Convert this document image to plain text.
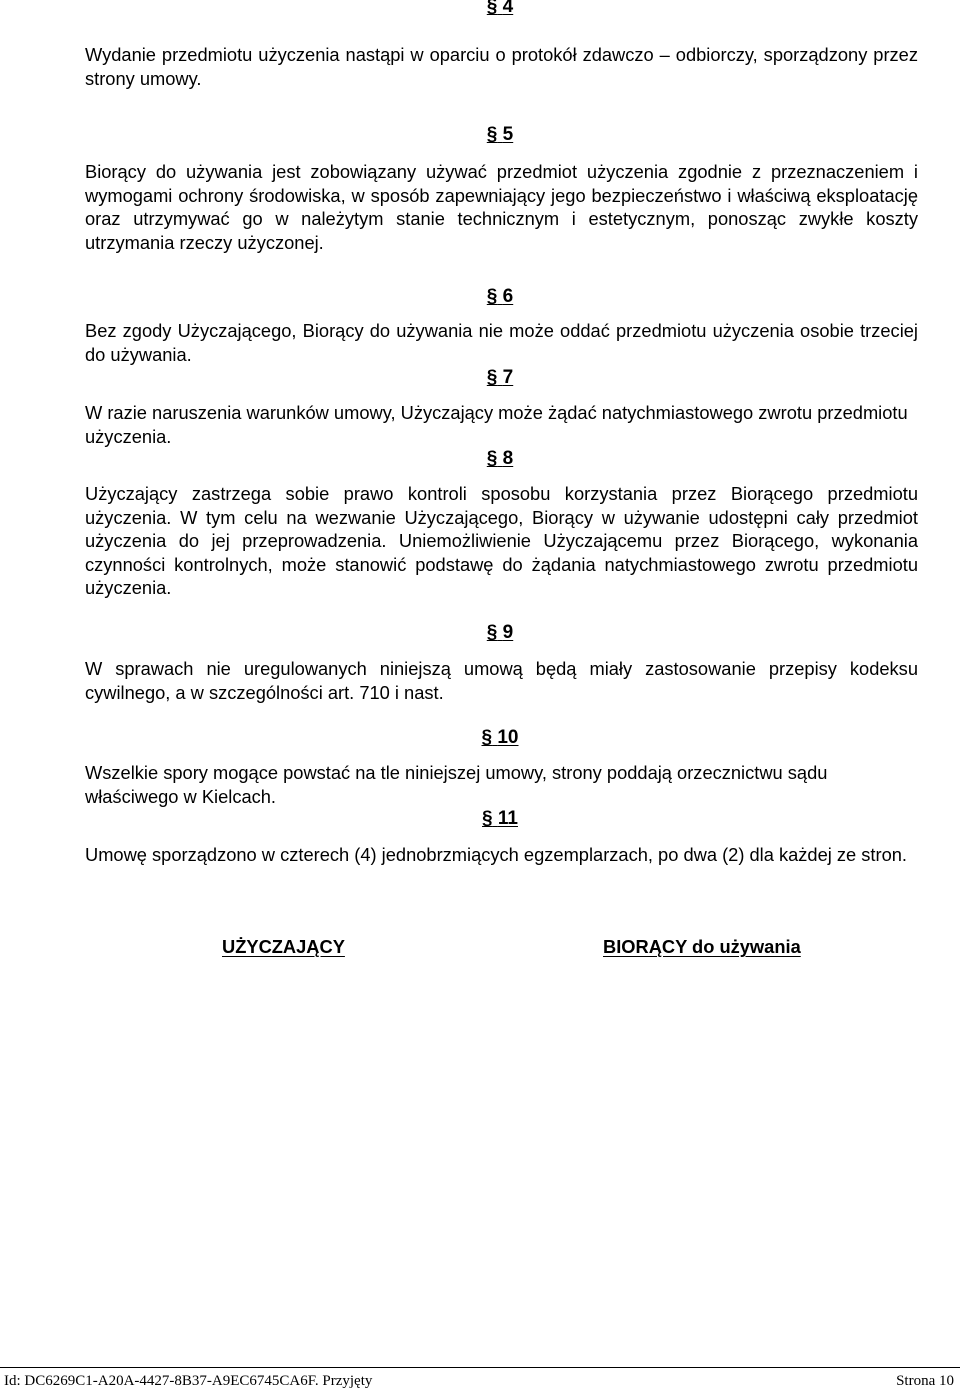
§ 4
Wydanie przedmiotu użyczenia nastąpi w oparciu o protokół zdawczo – odbiorczy, sporządzony przez strony umowy.
§ 5
Biorący do używania jest zobowiązany używać przedmiot użyczenia zgodnie z przeznaczeniem i wymogami ochrony środowiska, w sposób zapewniający jego bezpieczeństwo i właściwą eksploatację oraz utrzymywać go w należytym stanie technicznym i estetycznym, ponosząc zwykłe koszty utrzymania rzeczy użyczonej.
§ 6
Bez zgody Użyczającego, Biorący do używania nie może oddać przedmiotu użyczenia osobie trzeciej do używania.
§ 7
W razie naruszenia warunków umowy, Użyczający może żądać natychmiastowego zwrotu przedmiotu użyczenia.
§ 8
Użyczający zastrzega sobie prawo kontroli sposobu korzystania przez Biorącego przedmiotu użyczenia. W tym celu na wezwanie Użyczającego, Biorący w używanie udostępni cały przedmiot użyczenia do jej przeprowadzenia. Uniemożliwienie Użyczającemu przez Biorącego, wykonania czynności kontrolnych, może stanowić podstawę do żądania natychmiastowego zwrotu przedmiotu użyczenia.
§ 9
W sprawach nie uregulowanych niniejszą umową będą miały zastosowanie przepisy kodeksu cywilnego, a w szczególności art. 710 i nast.
§ 10
Wszelkie spory mogące powstać na tle niniejszej umowy, strony poddają orzecznictwu sądu właściwego w Kielcach.
§ 11
Umowę sporządzono w czterech (4) jednobrzmiących egzemplarzach, po dwa (2) dla każdej ze stron.
UŻYCZAJĄCY	BIORĄCY do używania
Id: DC6269C1-A20A-4427-8B37-A9EC6745CA6F. Przyjęty	Strona 10
